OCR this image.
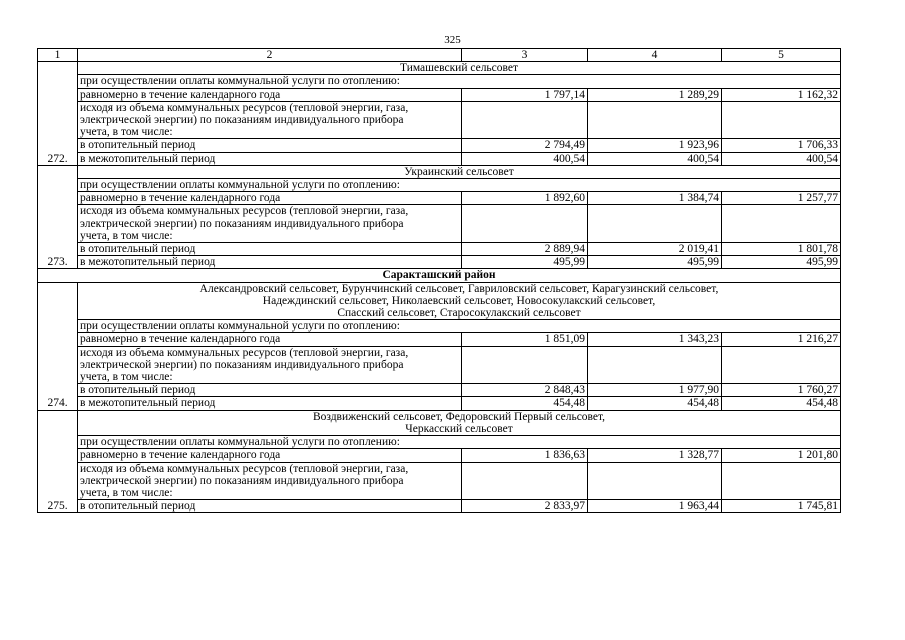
325
1	2	3	4	5
272.	Тимашевский сельсовет			
	при осуществлении оплаты коммунальной услуги по отоплению:			
	равномерно в течение календарного года	1 797,14	1 289,29	1 162,32
	исходя из объема коммунальных ресурсов (тепловой энергии, газа,
электрической энергии) по показаниям индивидуального прибора
учета, в том числе:			
	в отопительный период	2 794,49	1 923,96	1 706,33
	в межотопительный период	400,54	400,54	400,54
273.	Украинский сельсовет			
	при осуществлении оплаты коммунальной услуги по отоплению:			
	равномерно в течение календарного года	1 892,60	1 384,74	1 257,77
	исходя из объема коммунальных ресурсов (тепловой энергии, газа,
электрической энергии) по показаниям индивидуального прибора
учета, в том числе:			
	в отопительный период	2 889,94	2 019,41	1 801,78
	в межотопительный период	495,99	495,99	495,99
Саракташский район				
274.	Александровский сельсовет, Бурунчинский сельсовет, Гавриловский сельсовет, Карагузинский сельсовет,
Надеждинский сельсовет, Николаевский сельсовет, Новосокулакский сельсовет,
Спасский сельсовет, Старосокулакский сельсовет			
	при осуществлении оплаты коммунальной услуги по отоплению:			
	равномерно в течение календарного года	1 851,09	1 343,23	1 216,27
	исходя из объема коммунальных ресурсов (тепловой энергии, газа,
электрической энергии) по показаниям индивидуального прибора
учета, в том числе:			
	в отопительный период	2 848,43	1 977,90	1 760,27
	в межотопительный период	454,48	454,48	454,48
275.	Воздвиженский сельсовет, Федоровский Первый сельсовет,
Черкасский сельсовет			
	при осуществлении оплаты коммунальной услуги по отоплению:			
	равномерно в течение календарного года	1 836,63	1 328,77	1 201,80
	исходя из объема коммунальных ресурсов (тепловой энергии, газа,
электрической энергии) по показаниям индивидуального прибора
учета, в том числе:			
	в отопительный период	2 833,97	1 963,44	1 745,81
